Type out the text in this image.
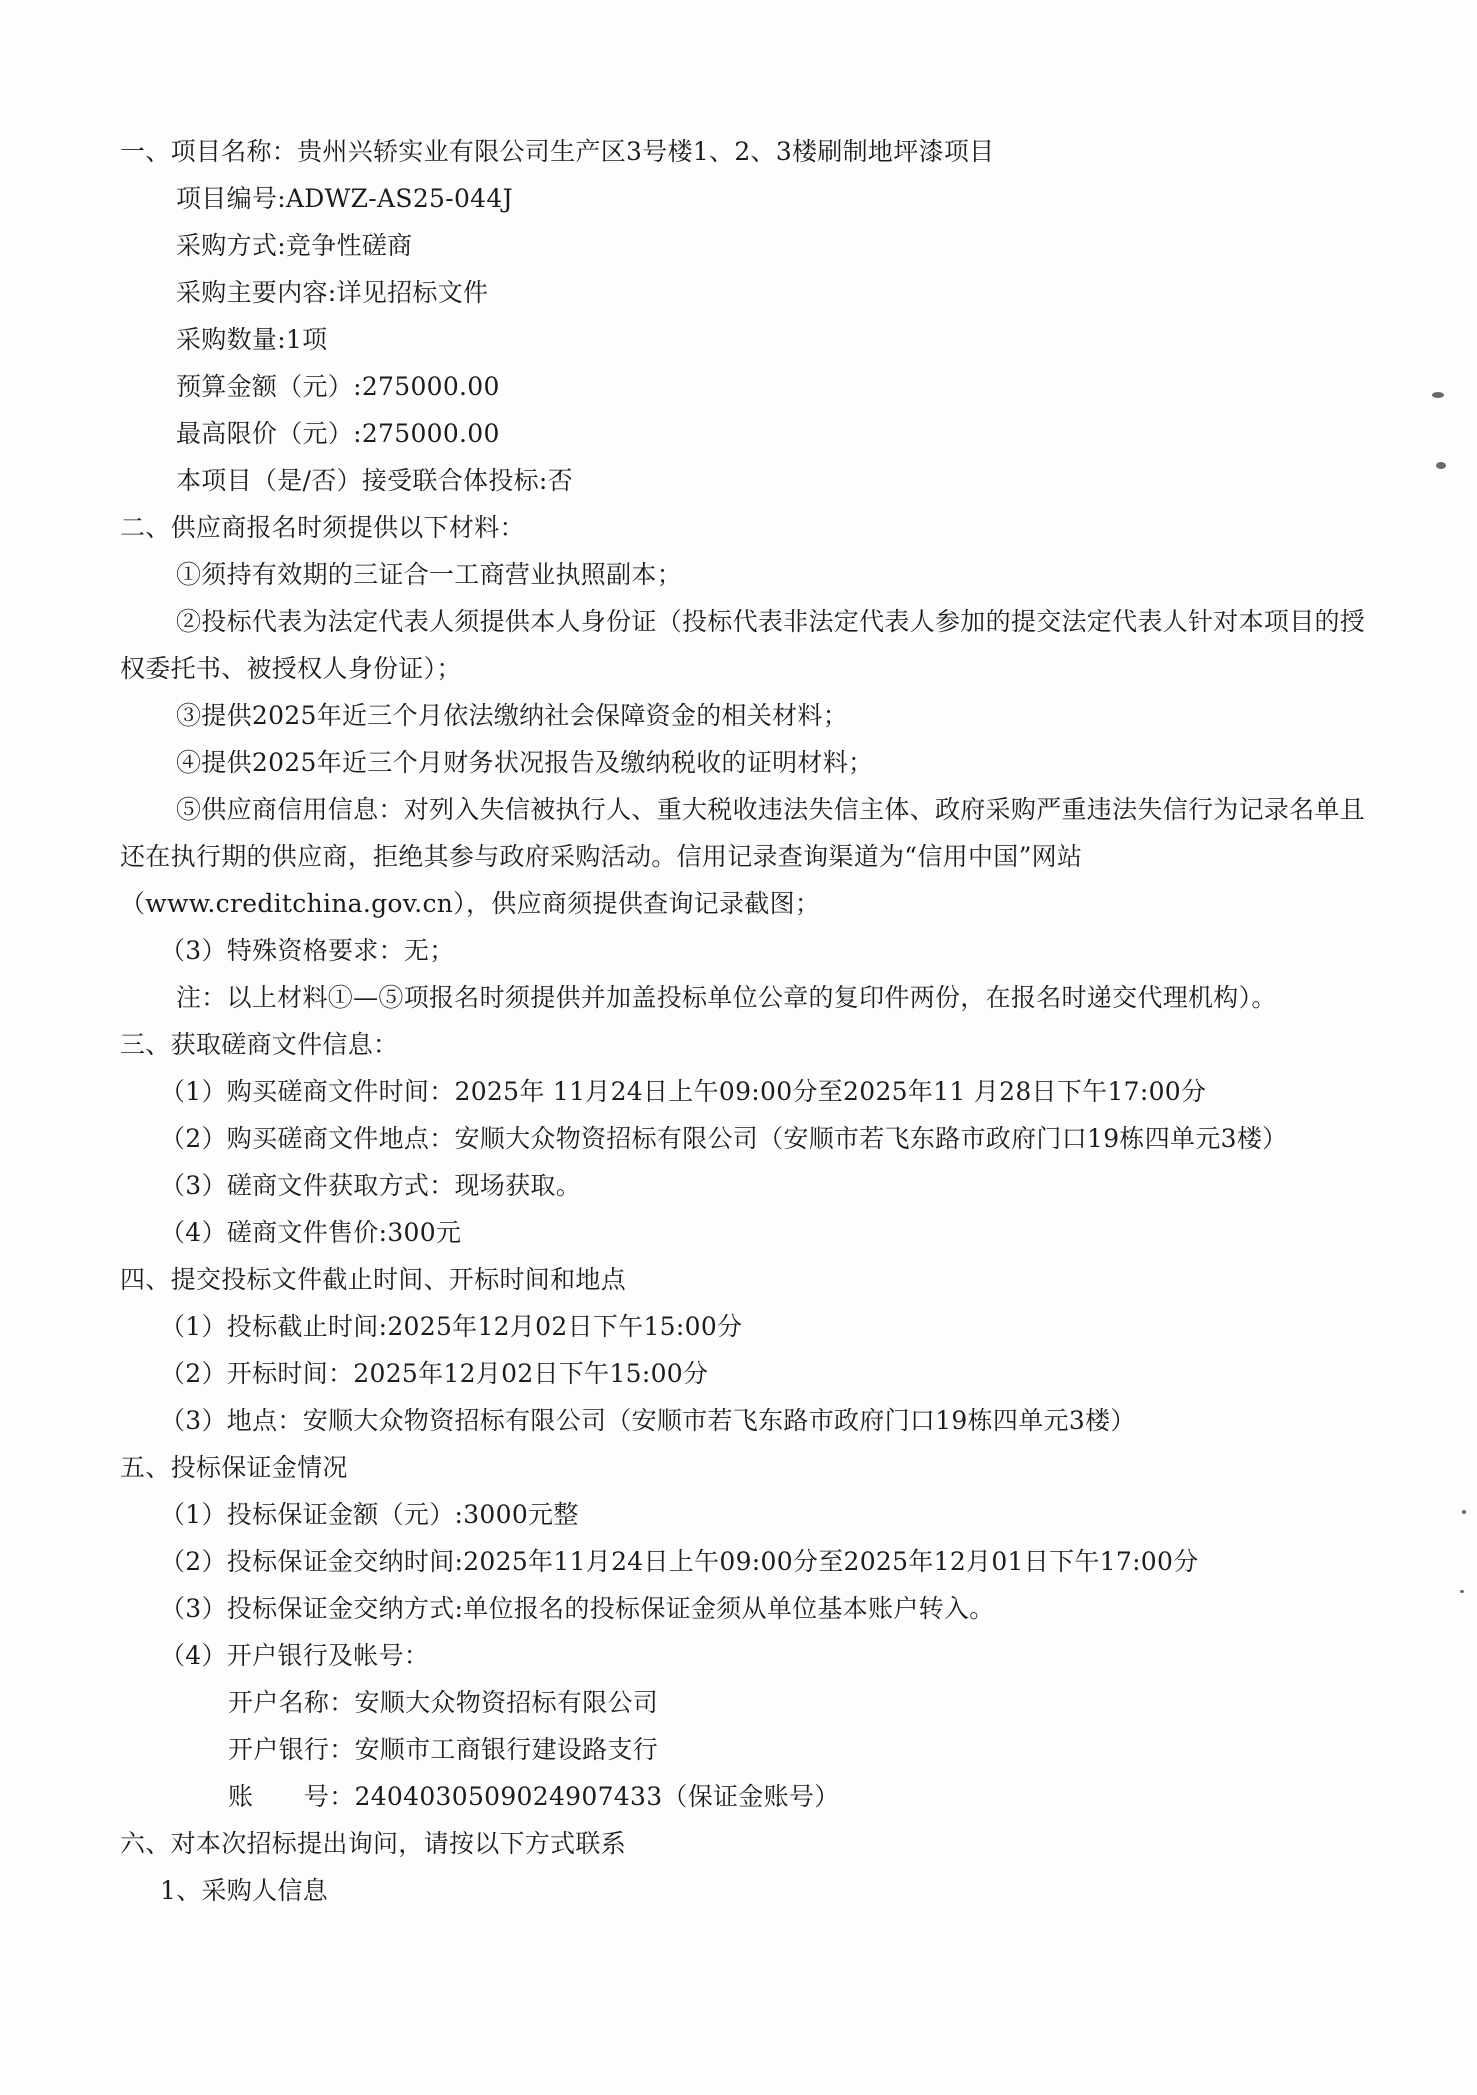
一、项目名称：贵州兴轿实业有限公司生产区3号楼1、2、3楼刷制地坪漆项目
项目编号:ADWZ-AS25-044J
采购方式:竞争性磋商
采购主要内容:详见招标文件
采购数量:1项
预算金额（元）:275000.00
最高限价（元）:275000.00
本项目（是/否）接受联合体投标:否
二、供应商报名时须提供以下材料：
①须持有效期的三证合一工商营业执照副本；
②投标代表为法定代表人须提供本人身份证（投标代表非法定代表人参加的提交法定代表人针对本项目的授权委托书、被授权人身份证）；
③提供2025年近三个月依法缴纳社会保障资金的相关材料；
④提供2025年近三个月财务状况报告及缴纳税收的证明材料；
⑤供应商信用信息：对列入失信被执行人、重大税收违法失信主体、政府采购严重违法失信行为记录名单且还在执行期的供应商，拒绝其参与政府采购活动。信用记录查询渠道为“信用中国”网站（www.creditchina.gov.cn），供应商须提供查询记录截图；
（3）特殊资格要求：无；
注：以上材料①—⑤项报名时须提供并加盖投标单位公章的复印件两份，在报名时递交代理机构）。
三、获取磋商文件信息：
（1）购买磋商文件时间：2025年 11月24日上午09:00分至2025年11 月28日下午17:00分
（2）购买磋商文件地点：安顺大众物资招标有限公司（安顺市若飞东路市政府门口19栋四单元3楼）
（3）磋商文件获取方式：现场获取。
（4）磋商文件售价:300元
四、提交投标文件截止时间、开标时间和地点
（1）投标截止时间:2025年12月02日下午15:00分
（2）开标时间：2025年12月02日下午15:00分
（3）地点：安顺大众物资招标有限公司（安顺市若飞东路市政府门口19栋四单元3楼）
五、投标保证金情况
（1）投标保证金额（元）:3000元整
（2）投标保证金交纳时间:2025年11月24日上午09:00分至2025年12月01日下午17:00分
（3）投标保证金交纳方式:单位报名的投标保证金须从单位基本账户转入。
（4）开户银行及帐号：
开户名称：安顺大众物资招标有限公司
开户银行：安顺市工商银行建设路支行
账　　号：2404030509024907433（保证金账号）
六、对本次招标提出询问，请按以下方式联系
1、采购人信息
